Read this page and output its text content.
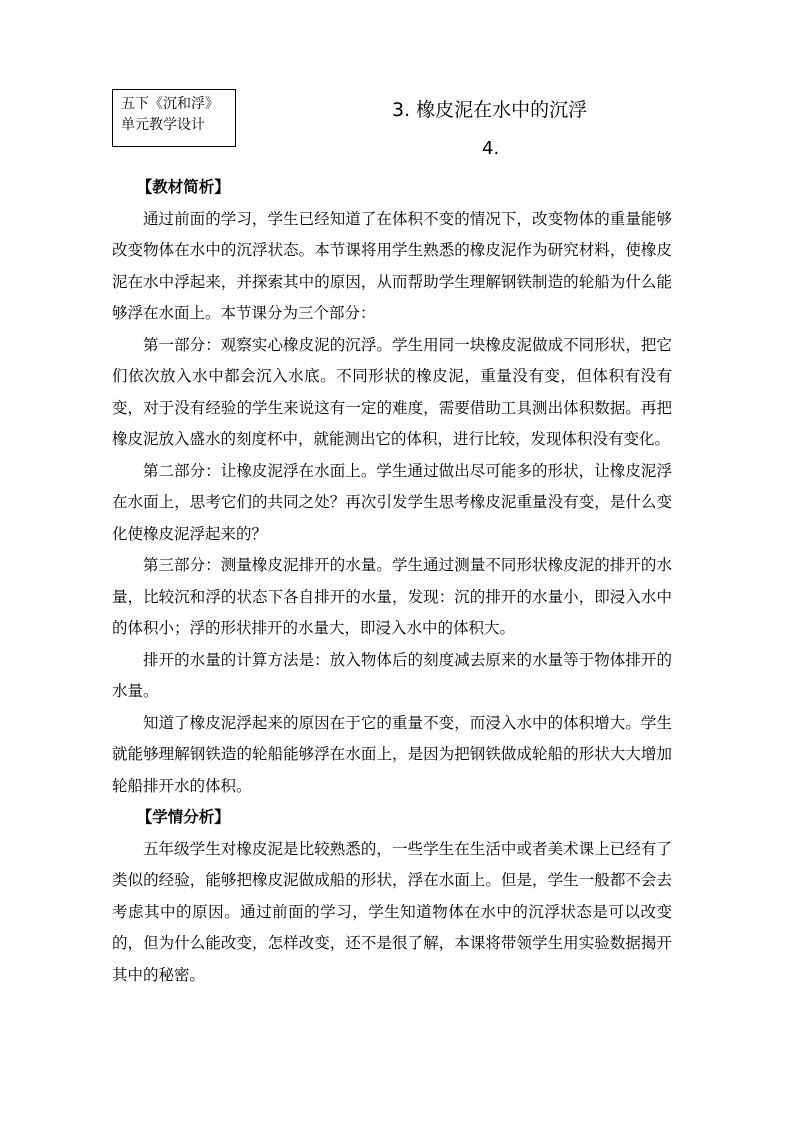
五下《沉和浮》
单元教学设计
3. 橡皮泥在水中的沉浮
4.

【教材简析】

通过前面的学习，学生已经知道了在体积不变的情况下，改变物体的重量能够改变物体在水中的沉浮状态。本节课将用学生熟悉的橡皮泥作为研究材料，使橡皮泥在水中浮起来，并探索其中的原因，从而帮助学生理解钢铁制造的轮船为什么能够浮在水面上。本节课分为三个部分：

第一部分：观察实心橡皮泥的沉浮。学生用同一块橡皮泥做成不同形状，把它们依次放入水中都会沉入水底。不同形状的橡皮泥，重量没有变，但体积有没有变，对于没有经验的学生来说这有一定的难度，需要借助工具测出体积数据。再把橡皮泥放入盛水的刻度杯中，就能测出它的体积，进行比较，发现体积没有变化。

第二部分：让橡皮泥浮在水面上。学生通过做出尽可能多的形状，让橡皮泥浮在水面上，思考它们的共同之处？再次引发学生思考橡皮泥重量没有变，是什么变化使橡皮泥浮起来的？

第三部分：测量橡皮泥排开的水量。学生通过测量不同形状橡皮泥的排开的水量，比较沉和浮的状态下各自排开的水量，发现：沉的排开的水量小，即浸入水中的体积小；浮的形状排开的水量大，即浸入水中的体积大。

排开的水量的计算方法是：放入物体后的刻度减去原来的水量等于物体排开的水量。

知道了橡皮泥浮起来的原因在于它的重量不变，而浸入水中的体积增大。学生就能够理解钢铁造的轮船能够浮在水面上，是因为把钢铁做成轮船的形状大大增加轮船排开水的体积。

【学情分析】

五年级学生对橡皮泥是比较熟悉的，一些学生在生活中或者美术课上已经有了类似的经验，能够把橡皮泥做成船的形状，浮在水面上。但是，学生一般都不会去考虑其中的原因。通过前面的学习，学生知道物体在水中的沉浮状态是可以改变的，但为什么能改变，怎样改变，还不是很了解，本课将带领学生用实验数据揭开其中的秘密。
